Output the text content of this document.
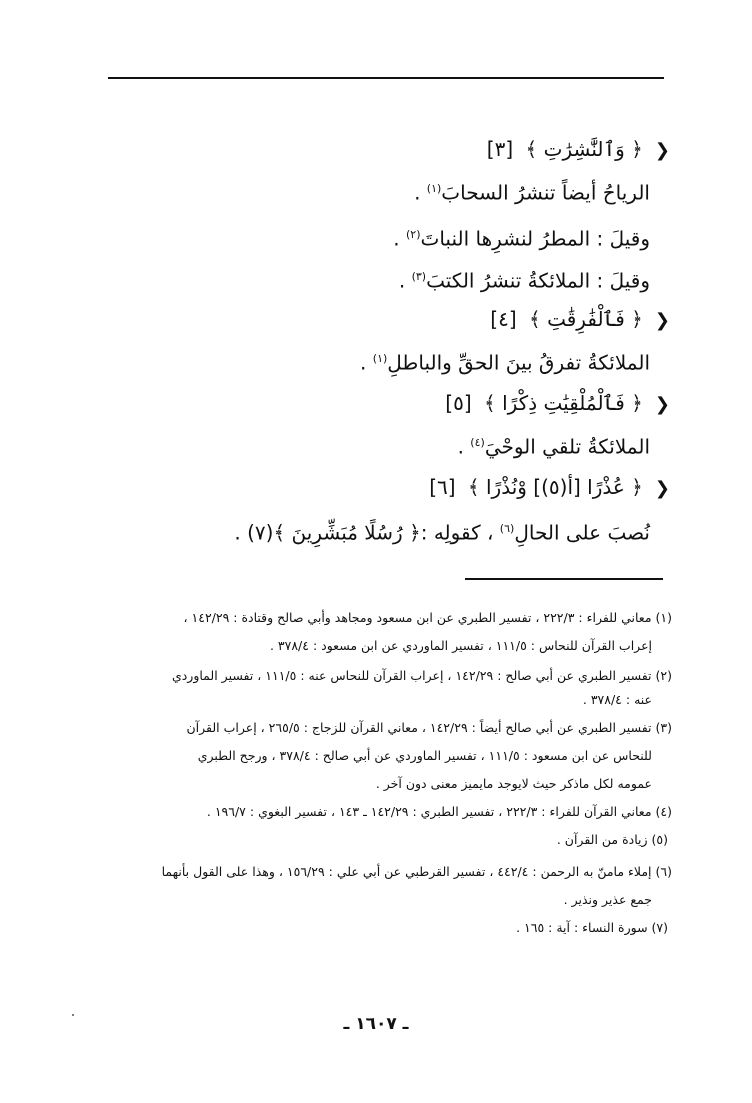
❮﴿ وَٱلنَّٰشِرَٰتِ ﴾ [٣]
الرياحُ أيضاً تنشرُ السحابَ$^{(١)}$ .
وقيلَ : المطرُ لنشرِها النباتَ$^{(٢)}$ .
وقيلَ : الملائكةُ تنشرُ الكتبَ$^{(٣)}$ .
❮﴿ فَٱلْفَٰرِقَٰتِ ﴾ [٤]
الملائكةُ تفرقُ بينَ الحقِّ والباطلِ$^{(١)}$ .
❮﴿ فَٱلْمُلْقِيَٰتِ ذِكْرًا ﴾ [٥]
الملائكةُ تلقي الوحْيَ$^{(٤)}$ .
❮﴿ عُذْرًا [أ(٥)] وْنُذْرًا ﴾ [٦]
نُصبَ على الحالِ$^{(٦)}$ ، كقولِه :﴿ رُسُلًا مُبَشِّرِينَ ﴾(٧) .
(١) معاني للفراء : ٢٢٢/٣ ، تفسير الطبري عن ابن مسعود ومجاهد وأبي صالح وقتادة : ١٤٢/٢٩ ،
إعراب القرآن للنحاس : ١١١/٥ ، تفسير الماوردي عن ابن مسعود : ٣٧٨/٤ .
(٢) تفسير الطبري عن أبي صالح : ١٤٢/٢٩ ، إعراب القرآن للنحاس عنه : ١١١/٥ ، تفسير الماوردي
عنه : ٣٧٨/٤ .
(٣) تفسير الطبري عن أبي صالح أيضاً : ١٤٢/٢٩ ، معاني القرآن للزجاج : ٢٦٥/٥ ، إعراب القرآن
للنحاس عن ابن مسعود : ١١١/٥ ، تفسير الماوردي عن أبي صالح : ٣٧٨/٤ ، ورجح الطبري
عمومه لكل ماذكر حيث لايوجد مايميز معنى دون آخر .
(٤) معاني القرآن للفراء : ٢٢٢/٣ ، تفسير الطبري : ١٤٢/٢٩ ـ ١٤٣ ، تفسير البغوي : ١٩٦/٧ .
(٥) زيادة من القرآن .
(٦) إملاء مامنّ به الرحمن : ٤٤٢/٤ ، تفسير القرطبي عن أبي علي : ١٥٦/٢٩ ، وهذا على القول بأنهما
جمع عذير ونذير .
(٧) سورة النساء : آية : ١٦٥ .
ـ ١٦٠٧ ـ
